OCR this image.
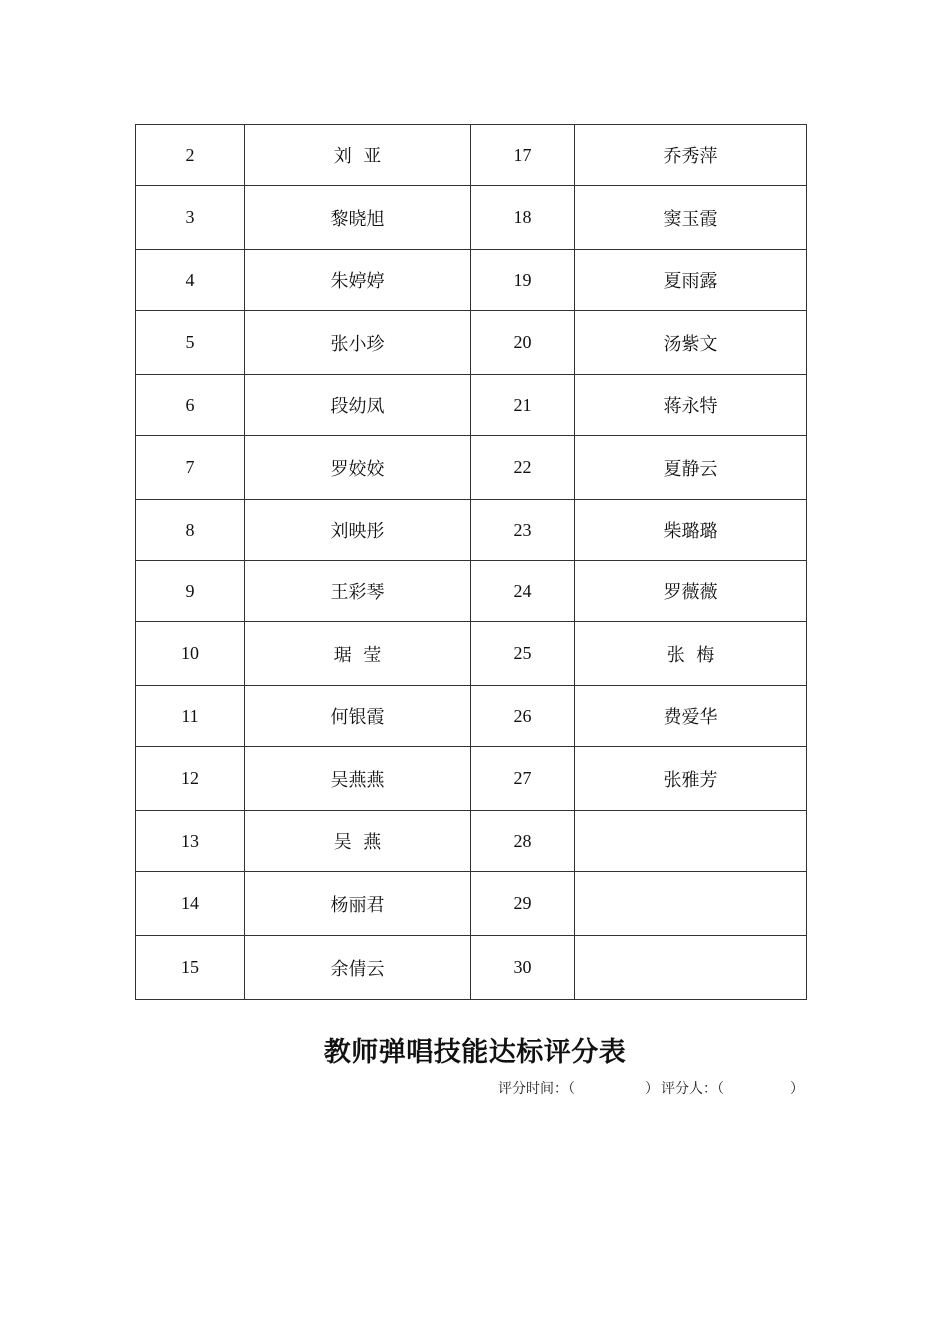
2	刘  亚	17	乔秀萍
3	黎晓旭	18	窦玉霞
4	朱婷婷	19	夏雨露
5	张小珍	20	汤紫文
6	段幼凤	21	蒋永特
7	罗姣姣	22	夏静云
8	刘映彤	23	柴璐璐
9	王彩琴	24	罗薇薇
10	琚  莹	25	张  梅
11	何银霞	26	费爱华
12	吴燕燕	27	张雅芳
13	吴  燕	28	
14	杨丽君	29	
15	余倩云	30	
教师弹唱技能达标评分表
评分时间：（	） 评分人：（	）
